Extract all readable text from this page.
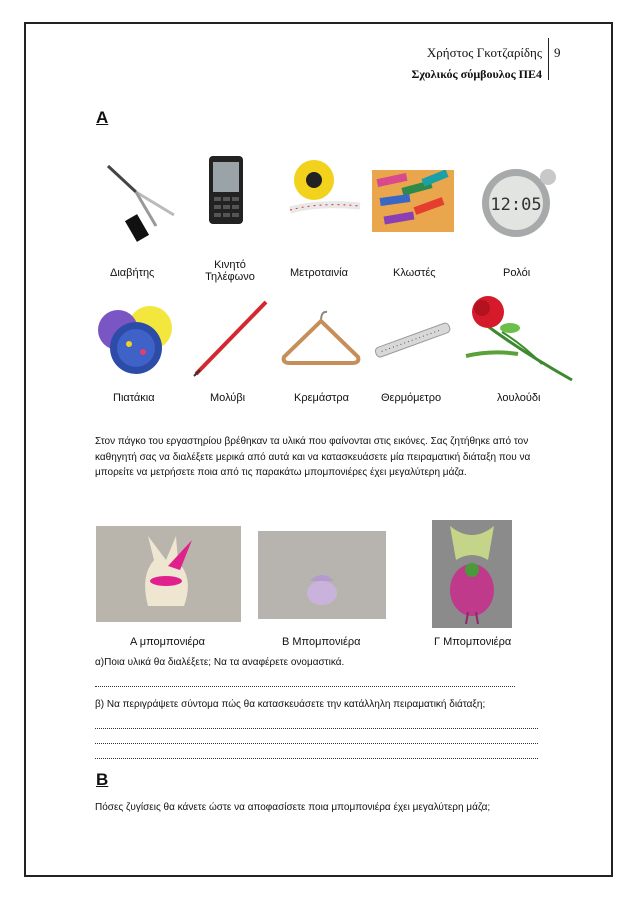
Χρήστος Γκοτζαρίδης
Σχολικός σύμβουλος ΠΕ4
9
Α
12:05
Διαβήτης
Κινητό Τηλέφωνο	Μετροταινία	Κλωστές	Ρολόι
Πιατάκια	Μολύβι	Κρεμάστρα	Θερμόμετρο	λουλούδι
Στον πάγκο του εργαστηρίου βρέθηκαν τα υλικά που φαίνονται στις εικόνες. Σας ζητήθηκε από τον καθηγητή σας να διαλέξετε μερικά από αυτά και να κατασκευάσετε μία πειραματική διάταξη που να μπορείτε να μετρήσετε ποια από τις παρακάτω μπομπονιέρες έχει μεγαλύτερη μάζα.
Α μπομπονιέρα	Β Μπομπονιέρα	Γ Μπομπονιέρα
α)Ποια υλικά θα διαλέξετε; Να τα αναφέρετε ονομαστικά.
β) Να περιγράψετε σύντομα πώς θα κατασκευάσετε την κατάλληλη πειραματική διάταξη;
Β
Πόσες ζυγίσεις θα κάνετε ώστε να αποφασίσετε ποια μπομπονιέρα έχει μεγαλύτερη μάζα;
